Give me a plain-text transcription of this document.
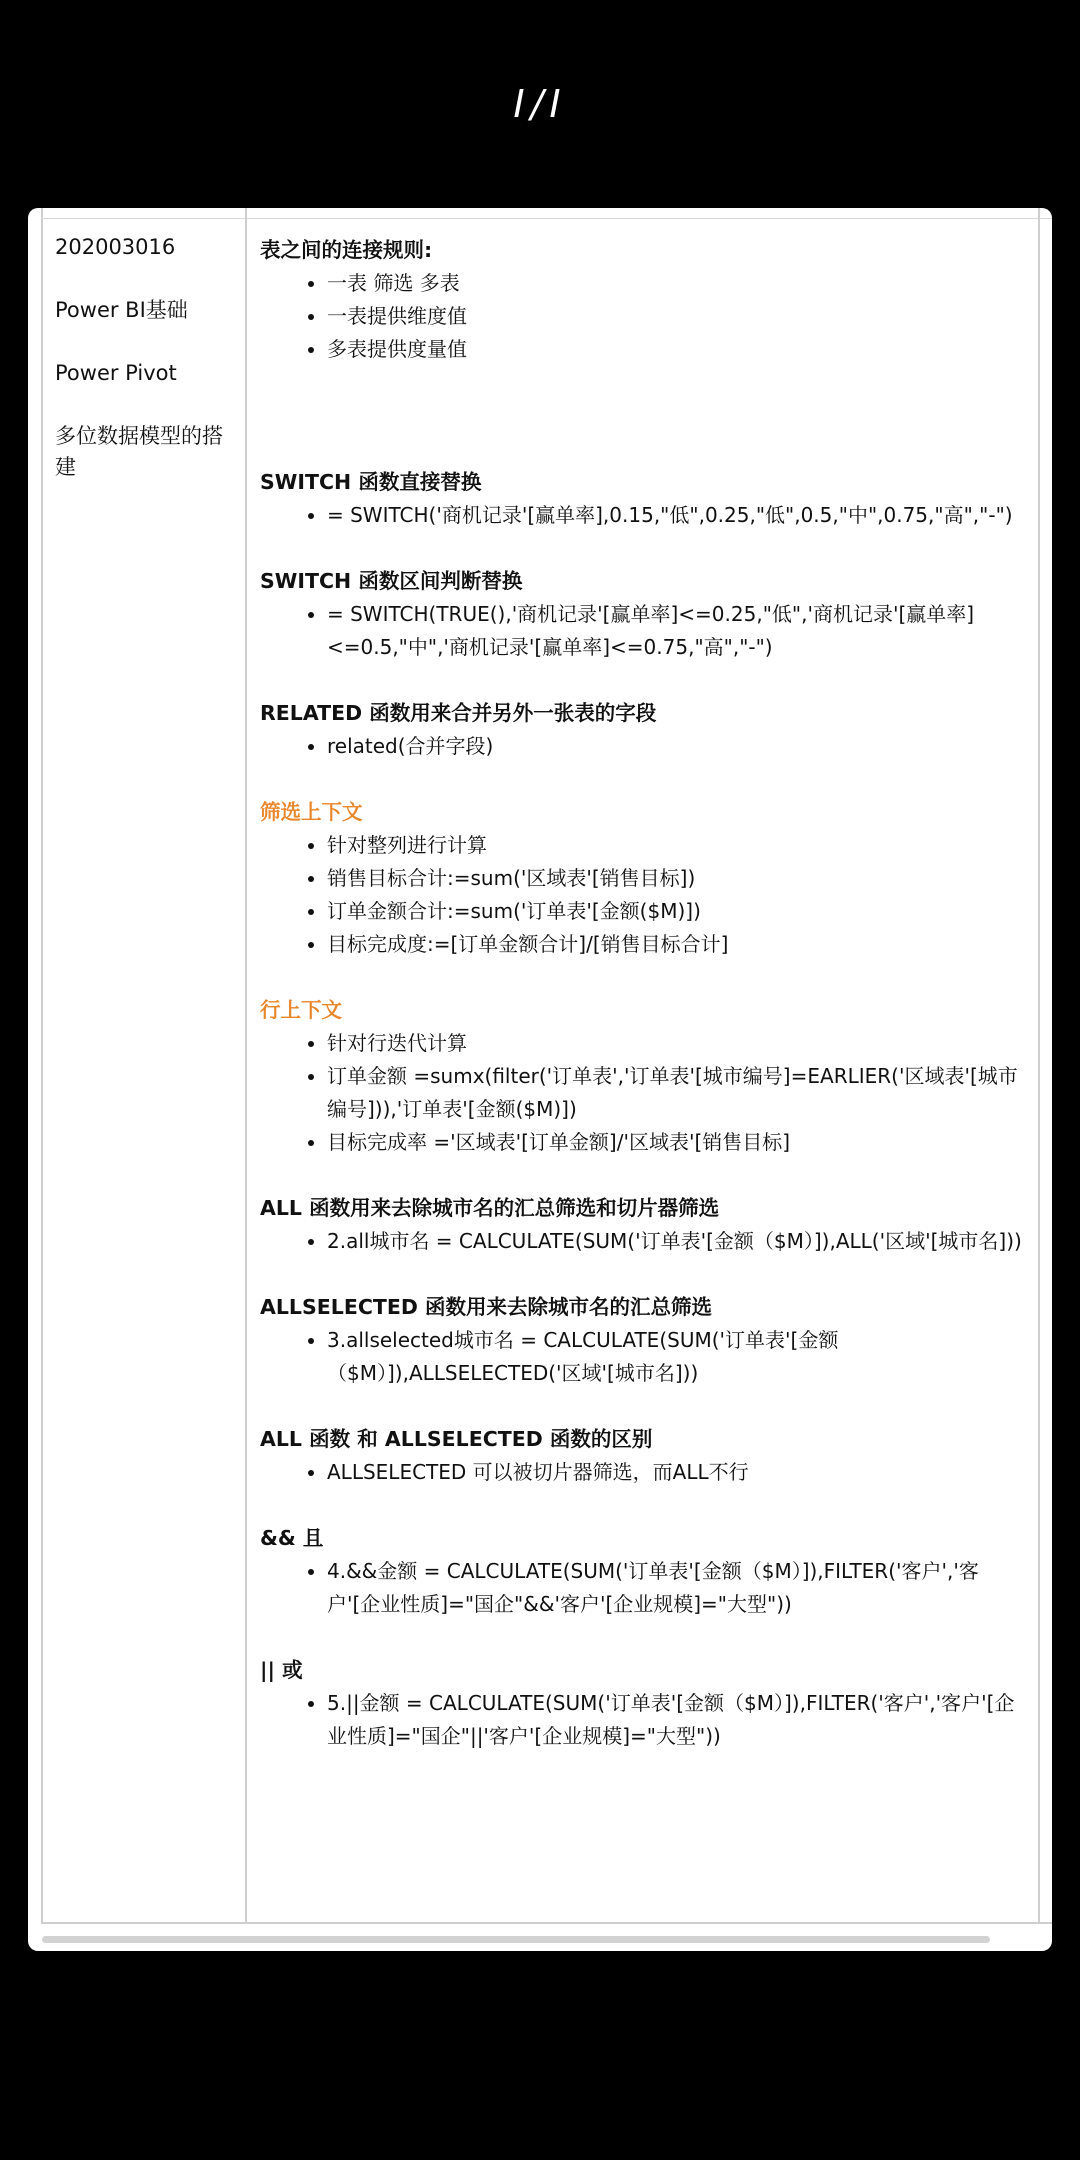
I/I
202003016
Power BI基础
Power Pivot
多位数据模型的搭建
表之间的连接规则:
• 一表 筛选 多表
• 一表提供维度值
• 多表提供度量值
SWITCH 函数直接替换
• = SWITCH('商机记录'[赢单率],0.15,"低",0.25,"低",0.5,"中",0.75,"高","-")
SWITCH 函数区间判断替换
• = SWITCH(TRUE(),'商机记录'[赢单率]<=0.25,"低",'商机记录'[赢单率]<=0.5,"中",'商机记录'[赢单率]<=0.75,"高","-")
RELATED 函数用来合并另外一张表的字段
• related(合并字段)
筛选上下文
• 针对整列进行计算
• 销售目标合计:=sum('区域表'[销售目标])
• 订单金额合计:=sum('订单表'[金额($M)])
• 目标完成度:=[订单金额合计]/[销售目标合计]
行上下文
• 针对行迭代计算
• 订单金额 =sumx(filter('订单表','订单表'[城市编号]=EARLIER('区域表'[城市编号])),'订单表'[金额($M)])
• 目标完成率 ='区域表'[订单金额]/'区域表'[销售目标]
ALL 函数用来去除城市名的汇总筛选和切片器筛选
• 2.all城市名 = CALCULATE(SUM('订单表'[金额（$M）]),ALL('区域'[城市名]))
ALLSELECTED 函数用来去除城市名的汇总筛选
• 3.allselected城市名 = CALCULATE(SUM('订单表'[金额（$M）]),ALLSELECTED('区域'[城市名]))
ALL 函数 和 ALLSELECTED 函数的区别
• ALLSELECTED 可以被切片器筛选，而ALL不行
&& 且
• 4.&&金额 = CALCULATE(SUM('订单表'[金额（$M）]),FILTER('客户','客户'[企业性质]="国企"&&'客户'[企业规模]="大型"))
|| 或
• 5.||金额 = CALCULATE(SUM('订单表'[金额（$M）]),FILTER('客户','客户'[企业性质]="国企"||'客户'[企业规模]="大型"))
